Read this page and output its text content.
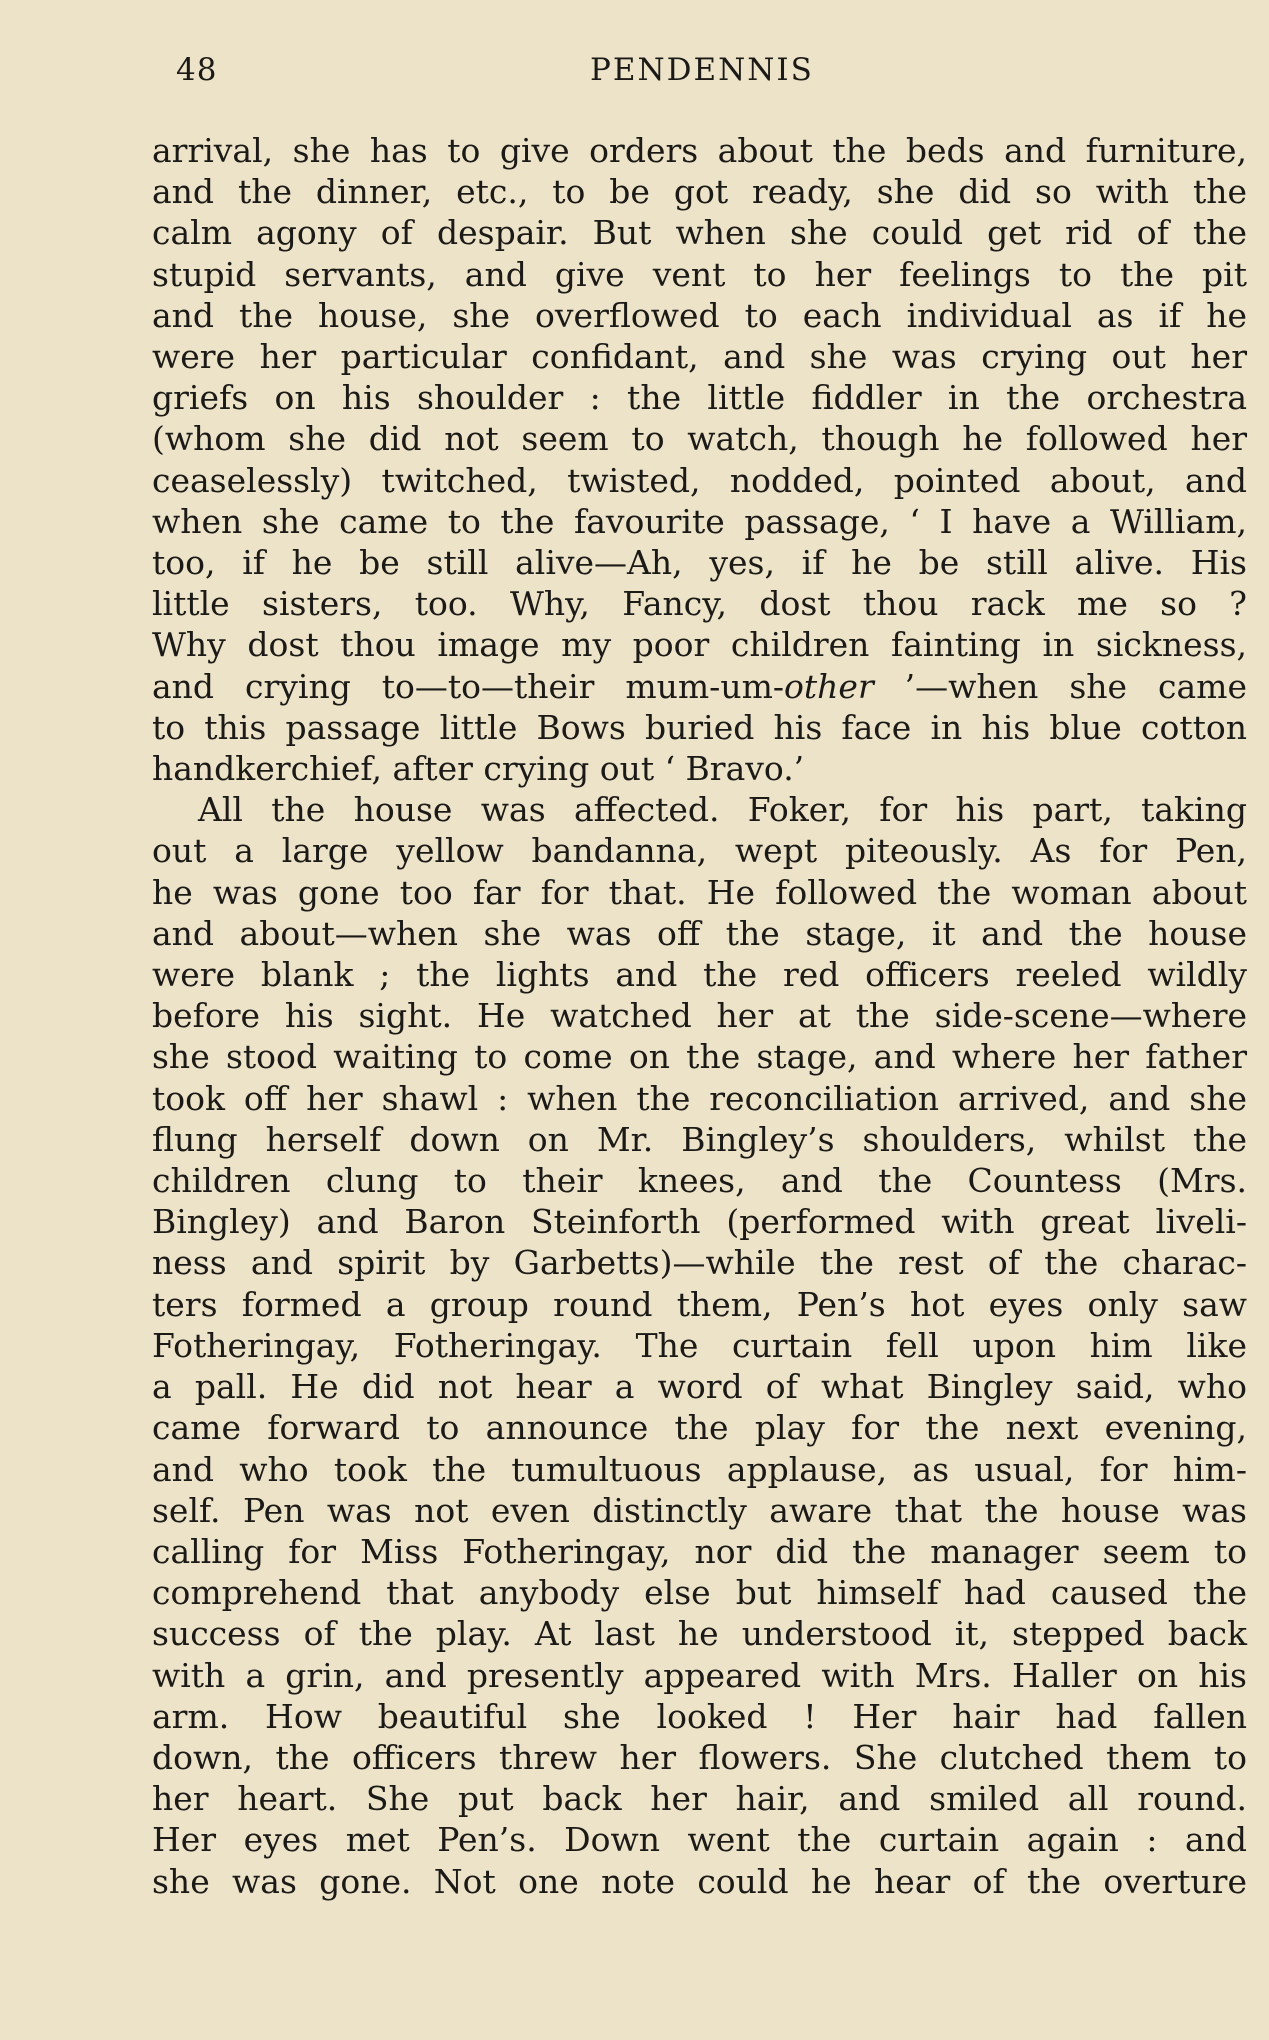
48	PENDENNIS
arrival, she has to give orders about the beds and furniture,
and the dinner, etc., to be got ready, she did so with the
calm agony of despair. But when she could get rid of the
stupid servants, and give vent to her feelings to the pit
and the house, she overflowed to each individual as if he
were her particular confidant, and she was crying out her
griefs on his shoulder : the little fiddler in the orchestra
(whom she did not seem to watch, though he followed her
ceaselessly) twitched, twisted, nodded, pointed about, and
when she came to the favourite passage, ‘ I have a William,
too, if he be still alive—Ah, yes, if he be still alive. His
little sisters, too. Why, Fancy, dost thou rack me so ?
Why dost thou image my poor children fainting in sickness,
and crying to—to—their mum-um-other ’—when she came
to this passage little Bows buried his face in his blue cotton
handkerchief, after crying out ‘ Bravo.’
All the house was affected. Foker, for his part, taking
out a large yellow bandanna, wept piteously. As for Pen,
he was gone too far for that. He followed the woman about
and about—when she was off the stage, it and the house
were blank ; the lights and the red officers reeled wildly
before his sight. He watched her at the side-scene—where
she stood waiting to come on the stage, and where her father
took off her shawl : when the reconciliation arrived, and she
flung herself down on Mr. Bingley’s shoulders, whilst the
children clung to their knees, and the Countess (Mrs.
Bingley) and Baron Steinforth (performed with great liveli-
ness and spirit by Garbetts)—while the rest of the charac-
ters formed a group round them, Pen’s hot eyes only saw
Fotheringay, Fotheringay. The curtain fell upon him like
a pall. He did not hear a word of what Bingley said, who
came forward to announce the play for the next evening,
and who took the tumultuous applause, as usual, for him-
self. Pen was not even distinctly aware that the house was
calling for Miss Fotheringay, nor did the manager seem to
comprehend that anybody else but himself had caused the
success of the play. At last he understood it, stepped back
with a grin, and presently appeared with Mrs. Haller on his
arm. How beautiful she looked ! Her hair had fallen
down, the officers threw her flowers. She clutched them to
her heart. She put back her hair, and smiled all round.
Her eyes met Pen’s. Down went the curtain again : and
she was gone. Not one note could he hear of the overture
